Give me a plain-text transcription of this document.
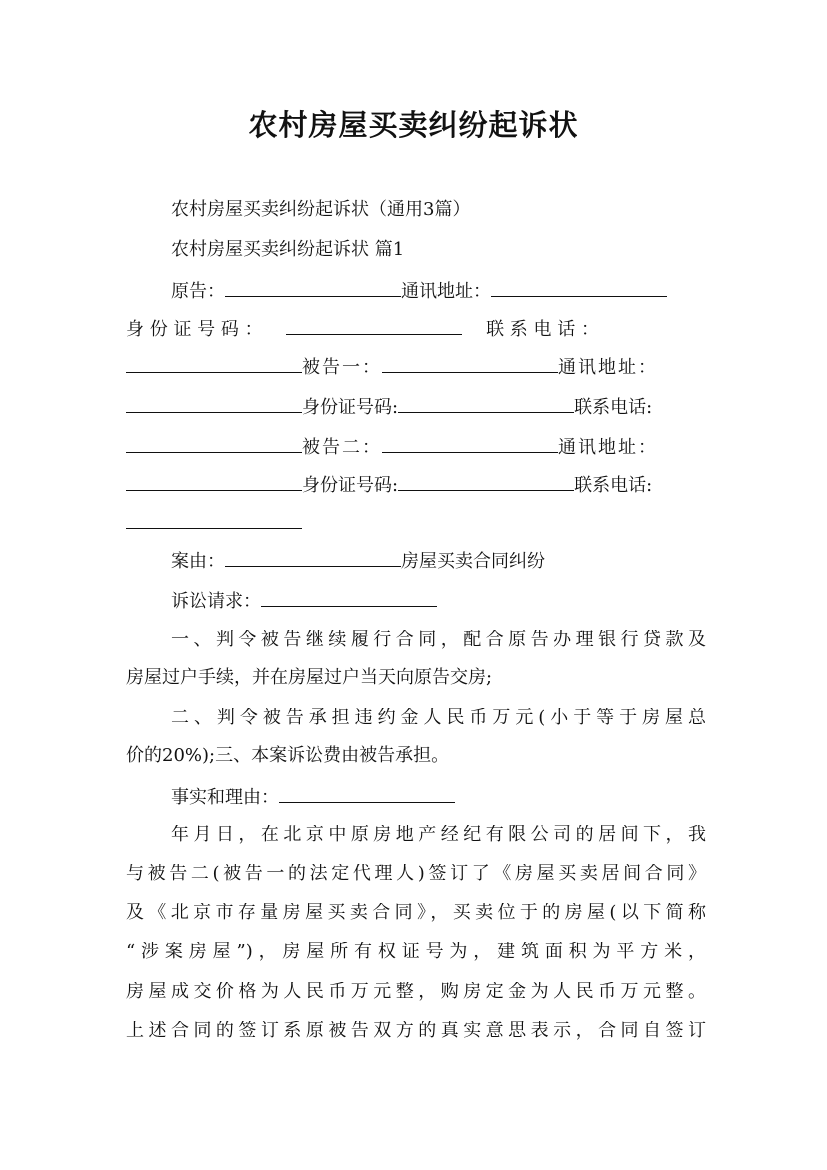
农村房屋买卖纠纷起诉状
农村房屋买卖纠纷起诉状（通用3篇）
农村房屋买卖纠纷起诉状 篇1
原告：	通讯地址：
身 份 证 号 码 ：	联 系 电 话 ：
被告一：	通讯地址：
身份证号码:	联系电话:
被告二：	通讯地址：
身份证号码:	联系电话:
案由：	房屋买卖合同纠纷
诉讼请求：
一、判令被告继续履行合同，配合原告办理银行贷款及
房屋过户手续，并在房屋过户当天向原告交房;
二、判令被告承担违约金人民币万元(小于等于房屋总
价的20%);三、本案诉讼费由被告承担。
事实和理由：
年月日，在北京中原房地产经纪有限公司的居间下，我
与被告二(被告一的法定代理人)签订了《房屋买卖居间合同》
及《北京市存量房屋买卖合同》，买卖位于的房屋(以下简称
“涉案房屋”)，房屋所有权证号为，建筑面积为平方米，
房屋成交价格为人民币万元整，购房定金为人民币万元整。
上述合同的签订系原被告双方的真实意思表示，合同自签订
